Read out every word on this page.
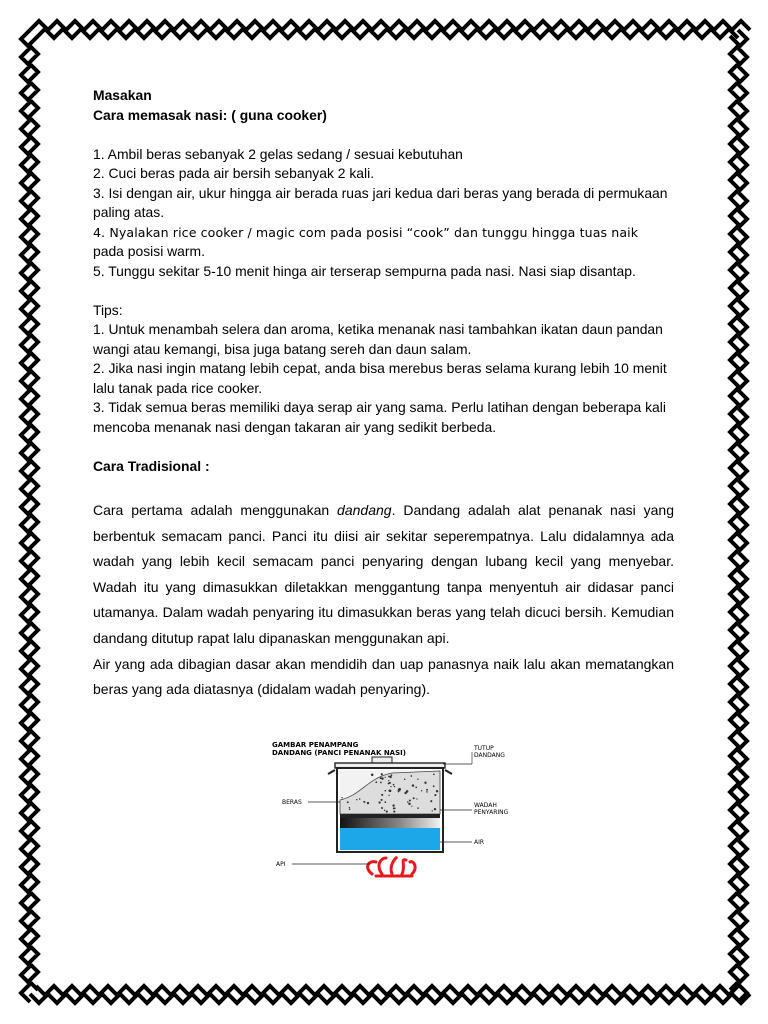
Masakan

Cara memasak nasi: ( guna cooker)

1. Ambil beras sebanyak 2 gelas sedang / sesuai kebutuhan

2. Cuci beras pada air bersih sebanyak 2 kali.

3. Isi dengan air, ukur hingga air berada ruas jari kedua dari beras yang berada di permukaan paling atas.

4. Nyalakan rice cooker / magic com pada posisi “cook” dan tunggu hingga tuas naik

pada posisi warm.

5. Tunggu sekitar 5-10 menit hinga air terserap sempurna pada nasi. Nasi siap disantap.

Tips:

1. Untuk menambah selera dan aroma, ketika menanak nasi tambahkan ikatan daun pandan wangi atau kemangi, bisa juga batang sereh dan daun salam.

2. Jika nasi ingin matang lebih cepat, anda bisa merebus beras selama kurang lebih 10 menit lalu tanak pada rice cooker.

3. Tidak semua beras memiliki daya serap air yang sama. Perlu latihan dengan beberapa kali mencoba menanak nasi dengan takaran air yang sedikit berbeda.

Cara Tradisional :

Cara pertama adalah menggunakan dandang. Dandang adalah alat penanak nasi yang berbentuk semacam panci. Panci itu diisi air sekitar seperempatnya. Lalu didalamnya ada wadah yang lebih kecil semacam panci penyaring dengan lubang kecil yang menyebar. Wadah itu yang dimasukkan diletakkan menggantung tanpa menyentuh air didasar panci utamanya. Dalam wadah penyaring itu dimasukkan beras yang telah dicuci bersih. Kemudian dandang ditutup rapat lalu dipanaskan menggunakan api.

Air yang ada dibagian dasar akan mendidih dan uap panasnya naik lalu akan mematangkan beras yang ada diatasnya (didalam wadah penyaring).

GAMBAR PENAMPANG
DANDANG (PANCI PENANAK NASI)
TUTUP
DANDANG
BERAS	WADAH
PENYARING
AIR
API
